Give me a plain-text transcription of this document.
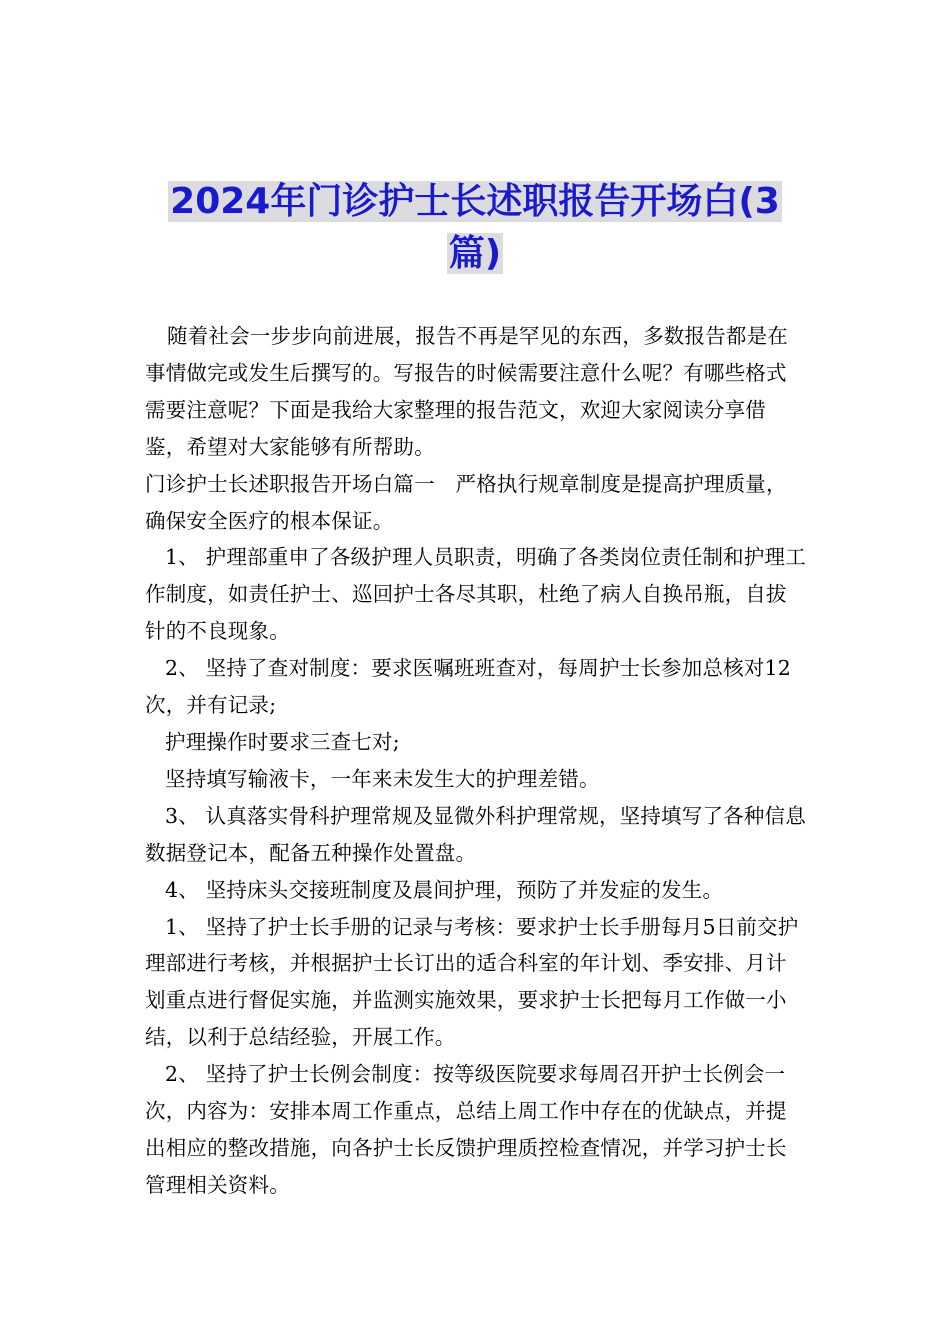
2024年门诊护士长述职报告开场白(3篇)

随着社会一步步向前进展，报告不再是罕见的东西，多数报告都是在事情做完或发生后撰写的。写报告的时候需要注意什么呢？有哪些格式需要注意呢？下面是我给大家整理的报告范文，欢迎大家阅读分享借鉴，希望对大家能够有所帮助。

门诊护士长述职报告开场白篇一　严格执行规章制度是提高护理质量，确保安全医疗的根本保证。

1、 护理部重申了各级护理人员职责，明确了各类岗位责任制和护理工作制度，如责任护士、巡回护士各尽其职，杜绝了病人自换吊瓶，自拔针的不良现象。

2、 坚持了查对制度：要求医嘱班班查对，每周护士长参加总核对12次，并有记录;

护理操作时要求三查七对;

坚持填写输液卡，一年来未发生大的护理差错。

3、 认真落实骨科护理常规及显微外科护理常规，坚持填写了各种信息数据登记本，配备五种操作处置盘。

4、 坚持床头交接班制度及晨间护理，预防了并发症的发生。

1、 坚持了护士长手册的记录与考核：要求护士长手册每月5日前交护理部进行考核，并根据护士长订出的适合科室的年计划、季安排、月计划重点进行督促实施，并监测实施效果，要求护士长把每月工作做一小结，以利于总结经验，开展工作。

2、 坚持了护士长例会制度：按等级医院要求每周召开护士长例会一次，内容为：安排本周工作重点，总结上周工作中存在的优缺点，并提出相应的整改措施，向各护士长反馈护理质控检查情况，并学习护士长管理相关资料。
